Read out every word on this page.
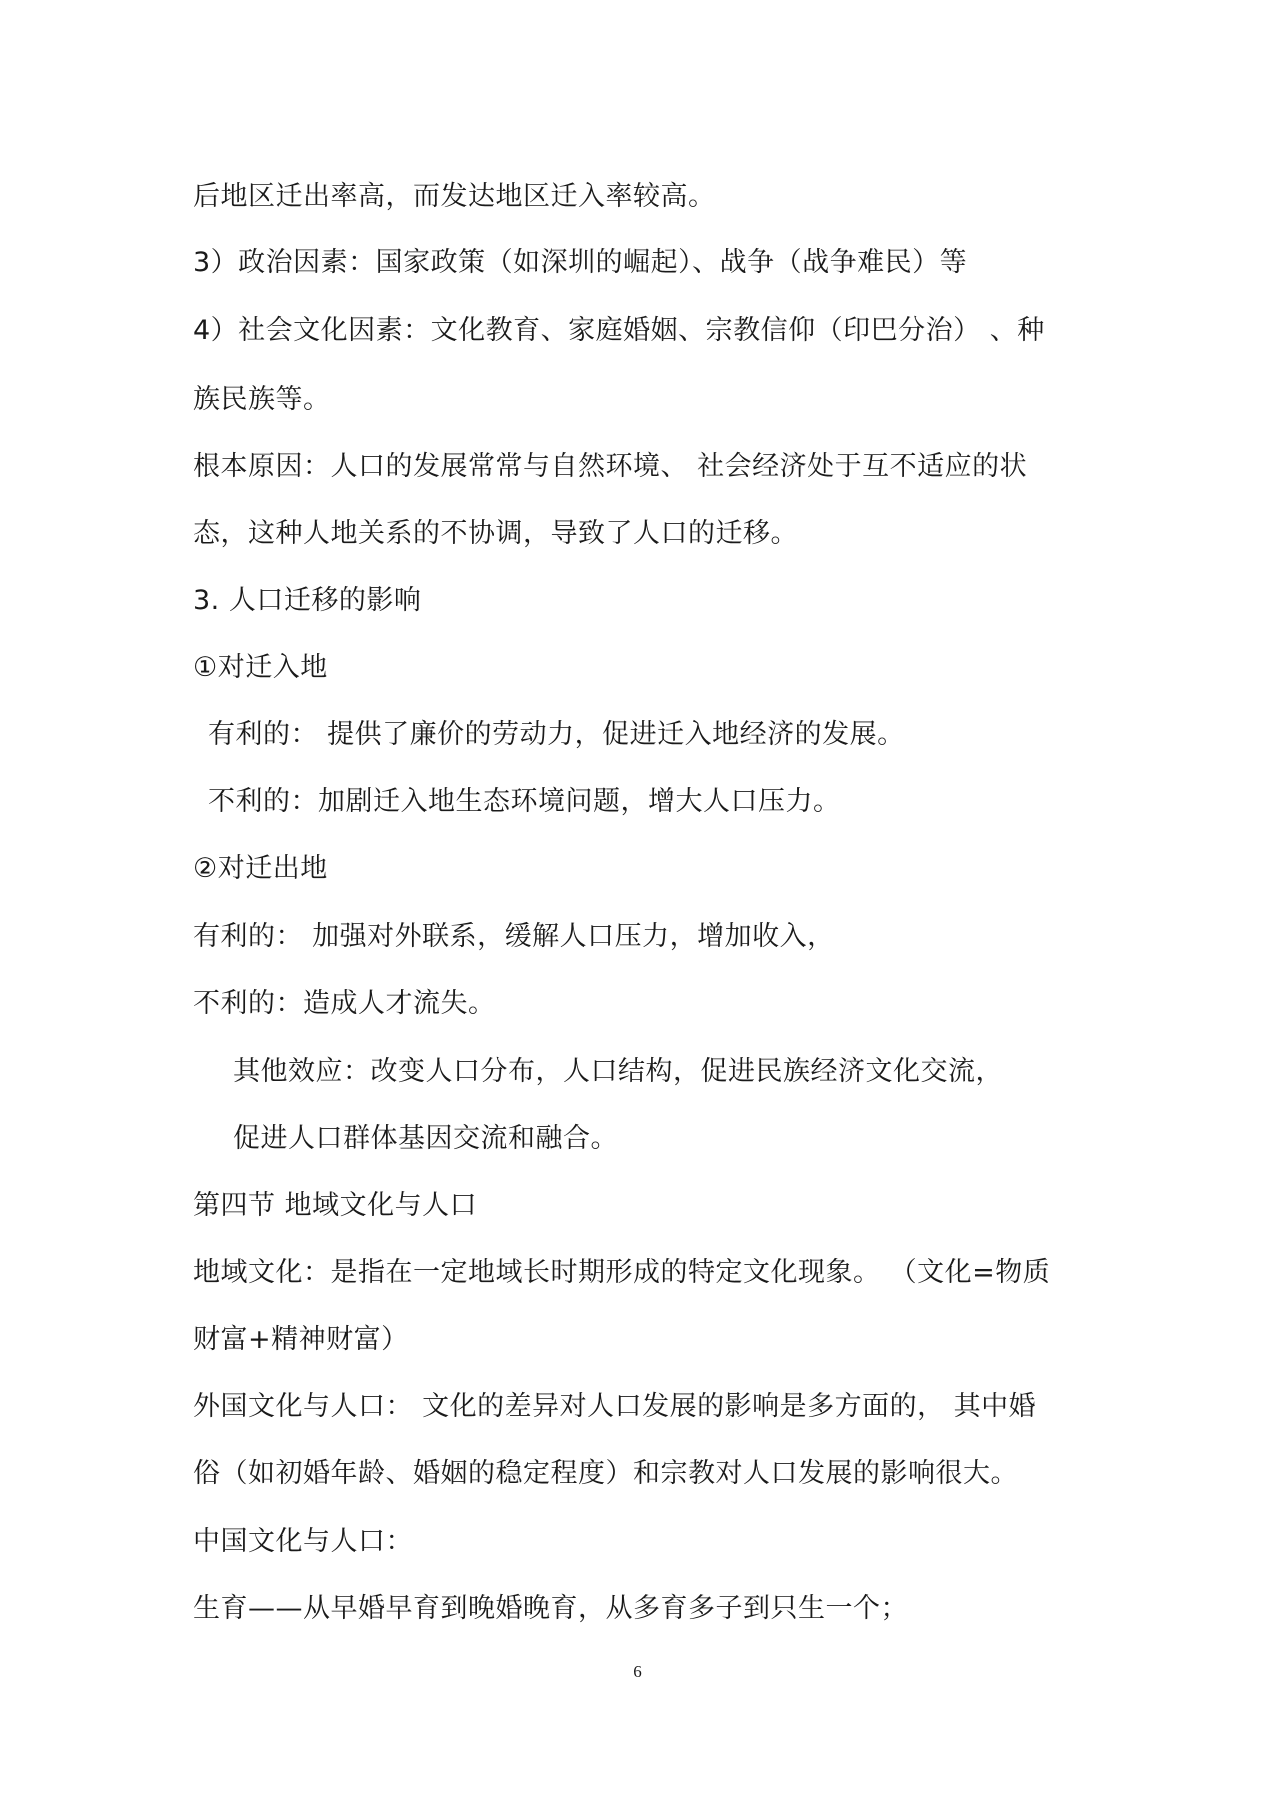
后地区迁出率高，而发达地区迁入率较高。
3）政治因素：国家政策（如深圳的崛起）、战争（战争难民）等
4）社会文化因素：文化教育、家庭婚姻、宗教信仰（印巴分治） 、种
族民族等。
根本原因：人口的发展常常与自然环境、 社会经济处于互不适应的状
态，这种人地关系的不协调，导致了人口的迁移。
3. 人口迁移的影响
①对迁入地
有利的： 提供了廉价的劳动力，促进迁入地经济的发展。
不利的：加剧迁入地生态环境问题，增大人口压力。
②对迁出地
有利的： 加强对外联系，缓解人口压力，增加收入，
不利的：造成人才流失。
其他效应：改变人口分布，人口结构，促进民族经济文化交流，
促进人口群体基因交流和融合。
第四节 地域文化与人口
地域文化：是指在一定地域长时期形成的特定文化现象。 （文化=物质
财富+精神财富）
外国文化与人口： 文化的差异对人口发展的影响是多方面的， 其中婚
俗（如初婚年龄、婚姻的稳定程度）和宗教对人口发展的影响很大。
中国文化与人口：
生育——从早婚早育到晚婚晚育，从多育多子到只生一个；
6
